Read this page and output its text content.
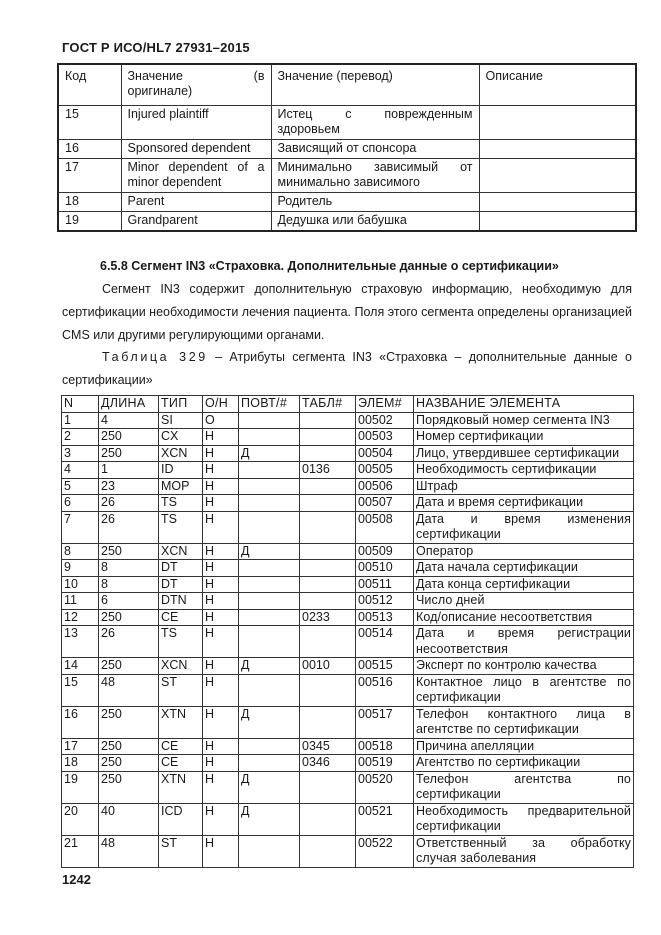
ГОСТ Р ИСО/HL7 27931–2015
Код	Значение (в оригинале)	Значение (перевод)	Описание
15	Injured plaintiff	Истец с поврежденным здоровьем	
16	Sponsored dependent	Зависящий от спонсора	
17	Minor dependent of a minor dependent	Минимально зависимый от минимально зависимого	
18	Parent	Родитель	
19	Grandparent	Дедушка или бабушка	
6.5.8 Сегмент IN3 «Страховка. Дополнительные данные о сертификации»

Сегмент IN3 содержит дополнительную страховую информацию, необходимую для сертификации необходимости лечения пациента. Поля этого сегмента определены организацией CMS или другими регулирующими органами.

Таблица 329 – Атрибуты сегмента IN3 «Страховка – дополнительные данные о сертификации»

N	ДЛИНА	ТИП	О/Н	ПОВТ/#	ТАБЛ#	ЭЛЕМ#	НАЗВАНИЕ ЭЛЕМЕНТА
1	4	SI	О			00502	Порядковый номер сегмента IN3
2	250	CX	Н			00503	Номер сертификации
3	250	XCN	Н	Д		00504	Лицо, утвердившее сертификации
4	1	ID	Н		0136	00505	Необходимость сертификации
5	23	MOP	Н			00506	Штраф
6	26	TS	Н			00507	Дата и время сертификации
7	26	TS	Н			00508	Дата и время изменения сертификации
8	250	XCN	Н	Д		00509	Оператор
9	8	DT	Н			00510	Дата начала сертификации
10	8	DT	Н			00511	Дата конца сертификации
11	6	DTN	Н			00512	Число дней
12	250	CE	Н		0233	00513	Код/описание несоответствия
13	26	TS	Н			00514	Дата и время регистрации несоответствия
14	250	XCN	Н	Д	0010	00515	Эксперт по контролю качества
15	48	ST	Н			00516	Контактное лицо в агентстве по сертификации
16	250	XTN	Н	Д		00517	Телефон контактного лица в агентстве по сертификации
17	250	CE	Н		0345	00518	Причина апелляции
18	250	CE	Н		0346	00519	Агентство по сертификации
19	250	XTN	Н	Д		00520	Телефон агентства по сертификации
20	40	ICD	Н	Д		00521	Необходимость предварительной сертификации
21	48	ST	Н			00522	Ответственный за обработку случая заболевания
1242
